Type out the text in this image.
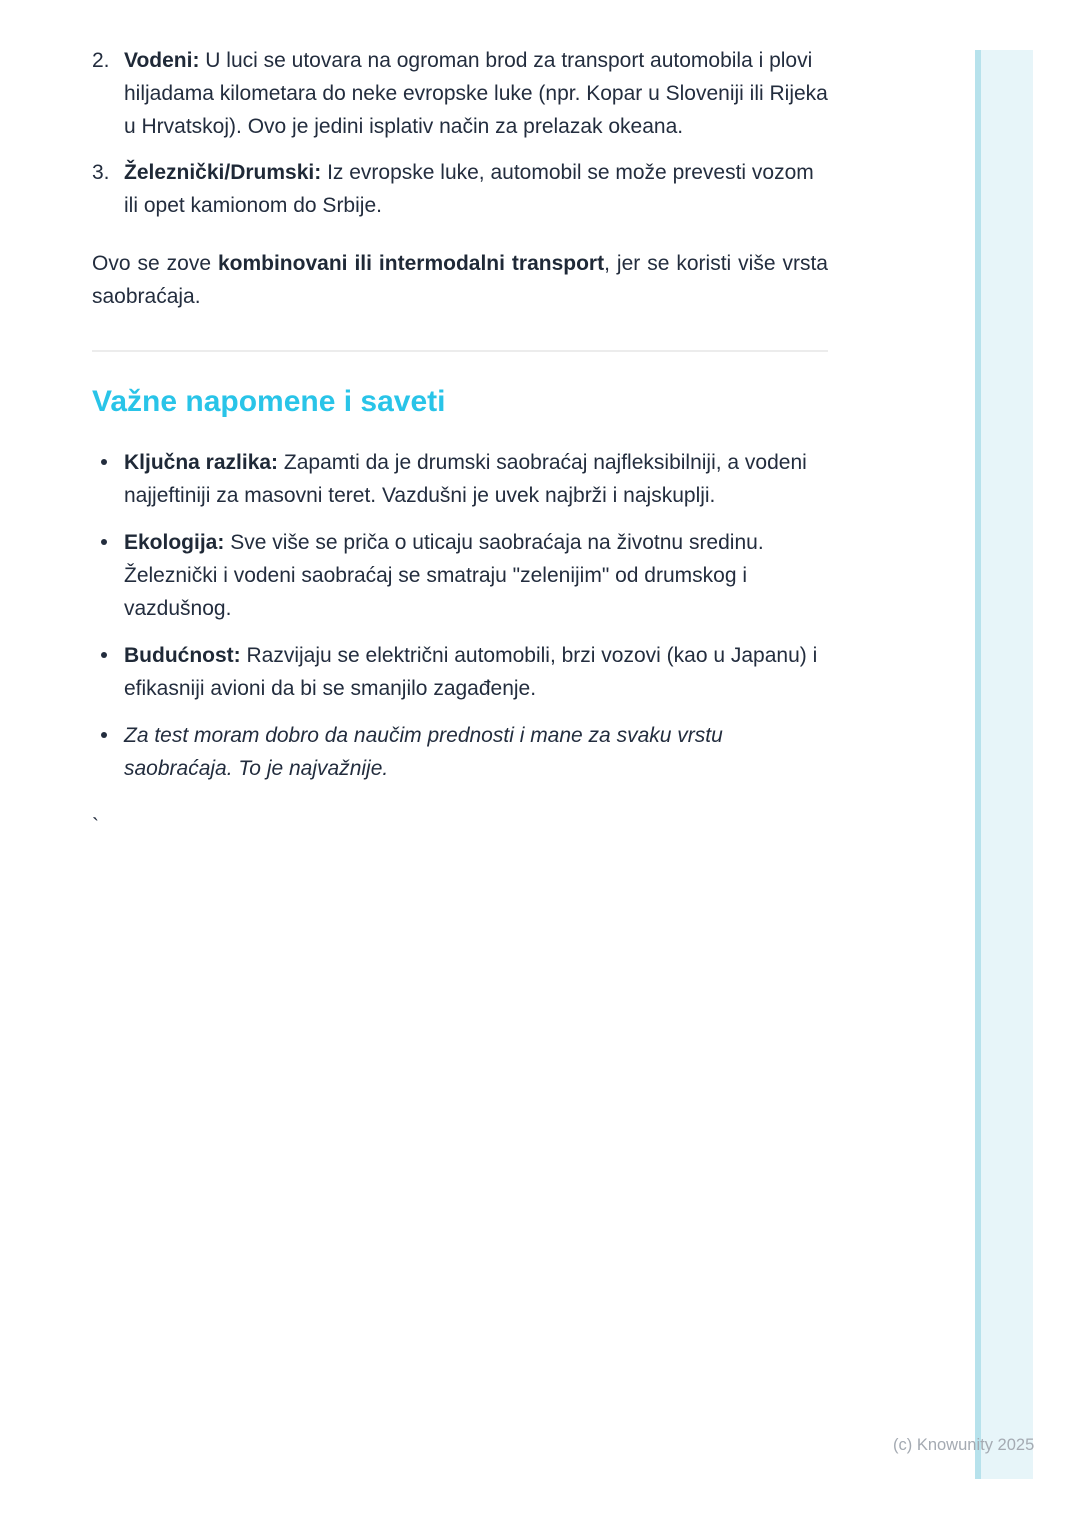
2. Vodeni: U luci se utovara na ogroman brod za transport automobila i plovi hiljadama kilometara do neke evropske luke (npr. Kopar u Sloveniji ili Rijeka u Hrvatskoj). Ovo je jedini isplativ način za prelazak okeana.
3. Železnički/Drumski: Iz evropske luke, automobil se može prevesti vozom ili opet kamionom do Srbije.

Ovo se zove kombinovani ili intermodalni transport, jer se koristi više vrsta saobraćaja.

Važne napomene i saveti
Ključna razlika: Zapamti da je drumski saobraćaj najfleksibilniji, a vodeni najjeftiniji za masovni teret. Vazdušni je uvek najbrži i najskuplji.
Ekologija: Sve više se priča o uticaju saobraćaja na životnu sredinu. Železnički i vodeni saobraćaj se smatraju "zelenijim" od drumskog i vazdušnog.
Budućnost: Razvijaju se električni automobili, brzi vozovi (kao u Japanu) i efikasniji avioni da bi se smanjilo zagađenje.
Za test moram dobro da naučim prednosti i mane za svaku vrstu saobraćaja. To je najvažnije.
`
(c) Knowunity 2025
